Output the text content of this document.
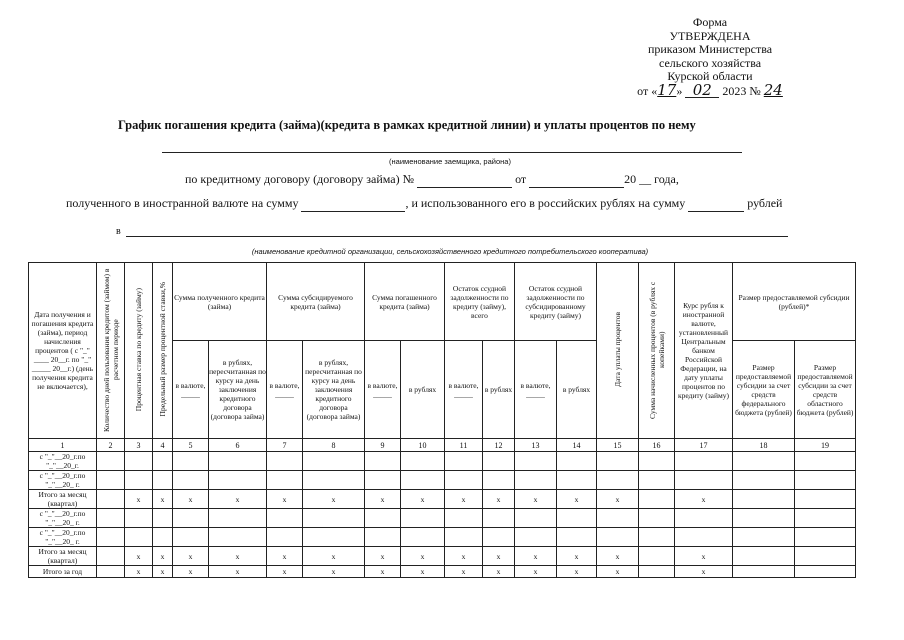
Форма
УТВЕРЖДЕНА
приказом Министерства
сельского хозяйства
Курской области
от «17» 02 2023 № 24
График погашения кредита (займа)(кредита в рамках кредитной линии) и уплаты процентов по нему
(наименование заемщика, района)
по кредитному договору (договору займа) №	от	20 __ года,
полученного в иностранной валюте на сумму	, и использованного его в российских рублях на сумму	рублей
в
(наименование кредитной организации, сельскохозяйственного кредитного потребительского кооператива)
Дата получения и погашения кредита (займа), период начисления процентов ( с "_" ____ 20__г. по "_" _____ 20__г.) (день получения кредита не включается),	Количество дней пользования кредитом (займом) в расчетном периоде	Процентная ставка по кредиту (займу)	Предельный размер процентной ставки,%	Сумма полученного кредита (займа)		Сумма субсидируемого кредита (займа)		Сумма погашенного кредита (займа)		Остаток ссудной задолженности по кредиту (займу), всего		Остаток ссудной задолженности по субсидированному кредиту (займу)		Дата уплаты процентов	Сумма начисленных процентов (в рублях с копейками)	Курс рубля к иностранной валюте, установленный Центральным банком Российской Федерации, на дату уплаты процентов по кредиту (займу)	Размер предоставляемой субсидии (рублей)*	
				в валюте, _____	в рублях, пересчитанная по курсу на день заключения кредитного договора (договора займа)	в валюте, _____	в рублях, пересчитанная по курсу на день заключения кредитного договора (договора займа)	в валюте, _____	в рублях	в валюте, _____	в рублях	в валюте, _____	в рублях				Размер предоставляемой субсидии за счет средств федерального бюджета (рублей)	Размер предоставляемой субсидии за счет средств областного бюджета (рублей)
1	2	3	4	5	6	7	8	9	10	11	12	13	14	15	16	17	18	19
с "_"__20_г.по "_"__20_г.																		
с "_"__20_г.по "_"__20_ г.																		
Итого за месяц (квартал)		x	x	x	x	x	x	x	x	x	x	x	x	x		x		
с "_"__20_г.по "_"__20_ г.																		
с "_"__20_г.по "_"__20_ г.																		
Итого за месяц (квартал)		x	x	x	x	x	x	x	x	x	x	x	x	x		x		
Итого за год		x	x	x	x	x	x	x	x	x	x	x	x	x		x		
